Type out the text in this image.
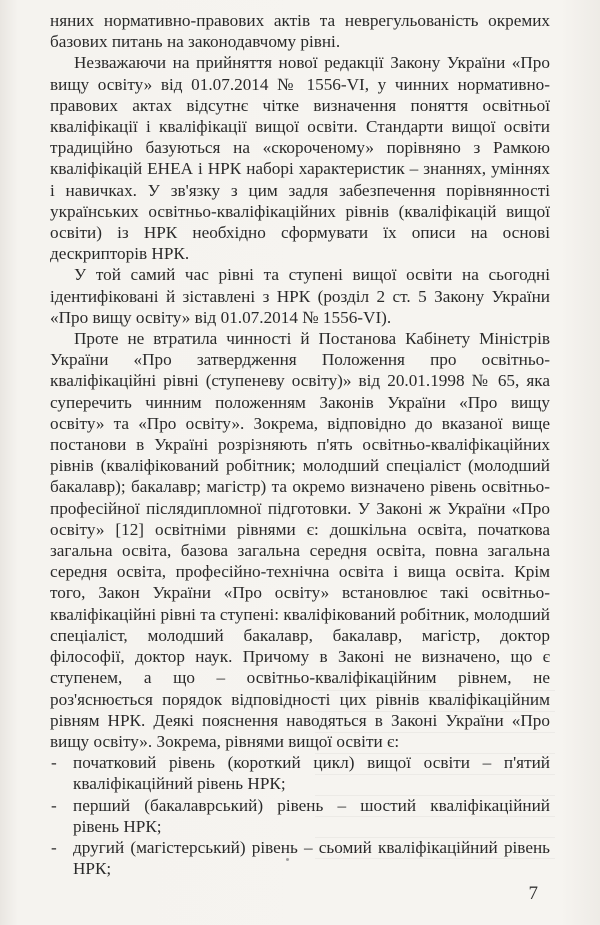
няних нормативно-правових актів та неврегульованість окремих базових питань на законодавчому рівні.

Незважаючи на прийняття нової редакції Закону України «Про вищу освіту» від 01.07.2014 № 1556-VI, у чинних нормативно-правових актах відсутнє чітке визначення поняття освітньої кваліфікації і кваліфікації вищої освіти. Стандарти вищої освіти традиційно базуються на «скороченому» порівняно з Рамкою кваліфікацій ЕНЕА і НРК наборі характеристик – знаннях, уміннях і навичках. У зв'язку з цим задля забезпечення порівнянності українських освітньо-кваліфікаційних рівнів (кваліфікацій вищої освіти) із НРК необхідно сформувати їх описи на основі дескрипторів НРК.

У той самий час рівні та ступені вищої освіти на сьогодні ідентифіковані й зіставлені з НРК (розділ 2 ст. 5 Закону України «Про вищу освіту» від 01.07.2014 № 1556-VI).

Проте не втратила чинності й Постанова Кабінету Міністрів України «Про затвердження Положення про освітньо-кваліфікаційні рівні (ступеневу освіту)» від 20.01.1998 № 65, яка суперечить чинним положенням Законів України «Про вищу освіту» та «Про освіту». Зокрема, відповідно до вказаної вище постанови в Україні розрізняють п'ять освітньо-кваліфікаційних рівнів (кваліфікований робітник; молодший спеціаліст (молодший бакалавр); бакалавр; магістр) та окремо визначено рівень освітньо-професійної післядипломної підготовки. У Законі ж України «Про освіту» [12] освітніми рівнями є: дошкільна освіта, початкова загальна освіта, базова загальна середня освіта, повна загальна середня освіта, професійно-технічна освіта і вища освіта. Крім того, Закон України «Про освіту» встановлює такі освітньо-кваліфікаційні рівні та ступені: кваліфікований робітник, молодший спеціаліст, молодший бакалавр, бакалавр, магістр, доктор філософії, доктор наук. Причому в Законі не визначено, що є ступенем, а що – освітньо-кваліфікаційним рівнем, не роз'яснюється порядок відповідності цих рівнів кваліфікаційним рівням НРК. Деякі пояснення наводяться в Законі України «Про вищу освіту». Зокрема, рівнями вищої освіти є:

- початковий рівень (короткий цикл) вищої освіти – п'ятий кваліфікаційний рівень НРК;
- перший (бакалаврський) рівень – шостий кваліфікаційний рівень НРК;
- другий (магістерський) рівень – сьомий кваліфікаційний рівень НРК;
7
